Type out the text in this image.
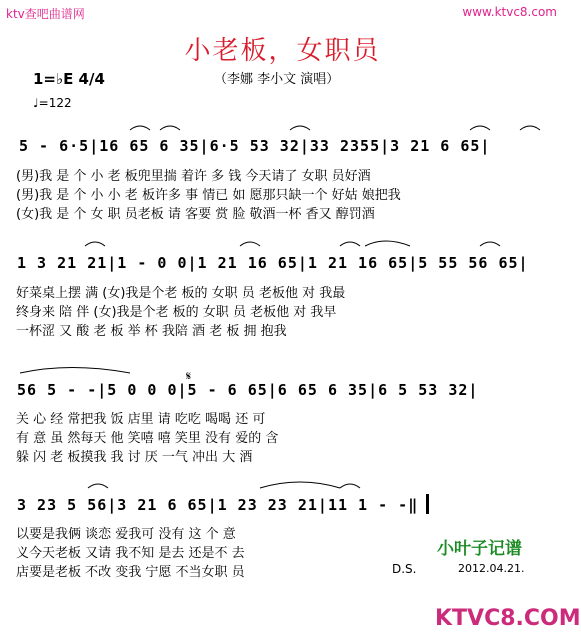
ktv查吧曲谱网	www.ktvc8.com
小老板，女职员
（李娜 李小文 演唱）
1=♭E 4/4
♩=122
5 - 6·5|16 65 6 35|6·5 53 32|33 2355|3 21 6 65|
(男)我 是 个 小 老 板兜里揣 着许 多 钱 今天请了 女职 员好酒
(男)我 是 个 小 小 老 板许多 事 情已 如 愿那只缺一个 好姑 娘把我
(女)我 是 个 女 职 员老板 请 客要 赏 脸 敬酒一杯 香又 醇罚酒
1 3 21 21|1 - 0 0|1 21 16 65|1 21 16 65|5 55 56 65|
好菜桌上摆 满 (女)我是个老 板的 女职 员 老板他 对 我最
终身来 陪 伴 (女)我是个老 板的 女职 员 老板他 对 我早
一杯涩 又 酸 老 板 举 杯 我陪 酒 老 板 拥 抱我
56 5 - -|5 0 0 0|5 - 6 65|6 65 6 35|6 5 53 32|
关 心 经 常把我 饭 店里 请 吃吃 喝喝 还 可
有 意 虽 然每天 他 笑嘻 嘻 笑里 没有 爱的 含
躲 闪 老 板摸我 我 讨 厌 一气 冲出 大 酒
3 23 5 56|3 21 6 65|1 23 23 21|11 1 - -‖
以要是我俩 谈恋 爱我可 没有 这 个 意
义今天老板 又请 我不知 是去 还是不 去
店要是老板 不改 变我 宁愿 不当女职 员	D.S.
小叶子记谱
2012.04.21.
KTVC8.COM
𝄋
